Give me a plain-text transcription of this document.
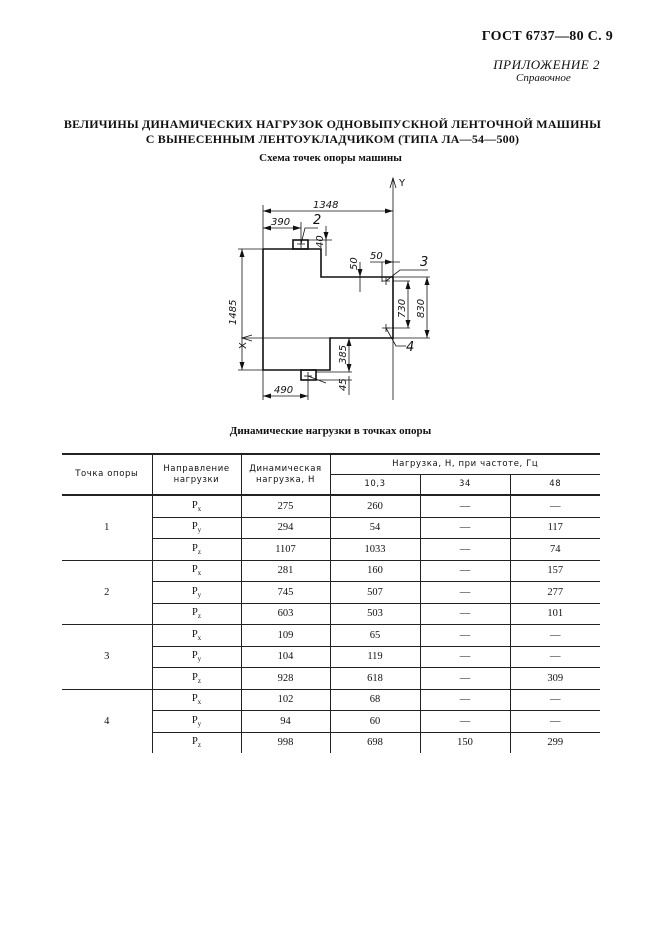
ГОСТ 6737—80 С. 9
ПРИЛОЖЕНИЕ 2
Справочное
ВЕЛИЧИНЫ ДИНАМИЧЕСКИХ НАГРУЗОК ОДНОВЫПУСКНОЙ ЛЕНТОЧНОЙ МАШИНЫ
С ВЫНЕСЕННЫМ ЛЕНТОУКЛАДЧИКОМ (ТИПА ЛА—54—500)
Схема точек опоры машины
Y
X
1348
390 2
40
50
50	3
1485	730 830
4
385
45
490
Динамические нагрузки в точках опоры
Точка опоры	Направление нагрузки	Динамическая нагрузка, Н	Нагрузка, Н, при частоте, Гц		
			10,3	34	48
1	$P_x$	275	260	—	—
	$P_y$	294	54	—	117
	$P_z$	1107	1033	—	74
2	$P_x$	281	160	—	157
	$P_y$	745	507	—	277
	$P_z$	603	503	—	101
3	$P_x$	109	65	—	—
	$P_y$	104	119	—	—
	$P_z$	928	618	—	309
4	$P_x$	102	68	—	—
	$P_y$	94	60	—	—
	$P_z$	998	698	150	299
